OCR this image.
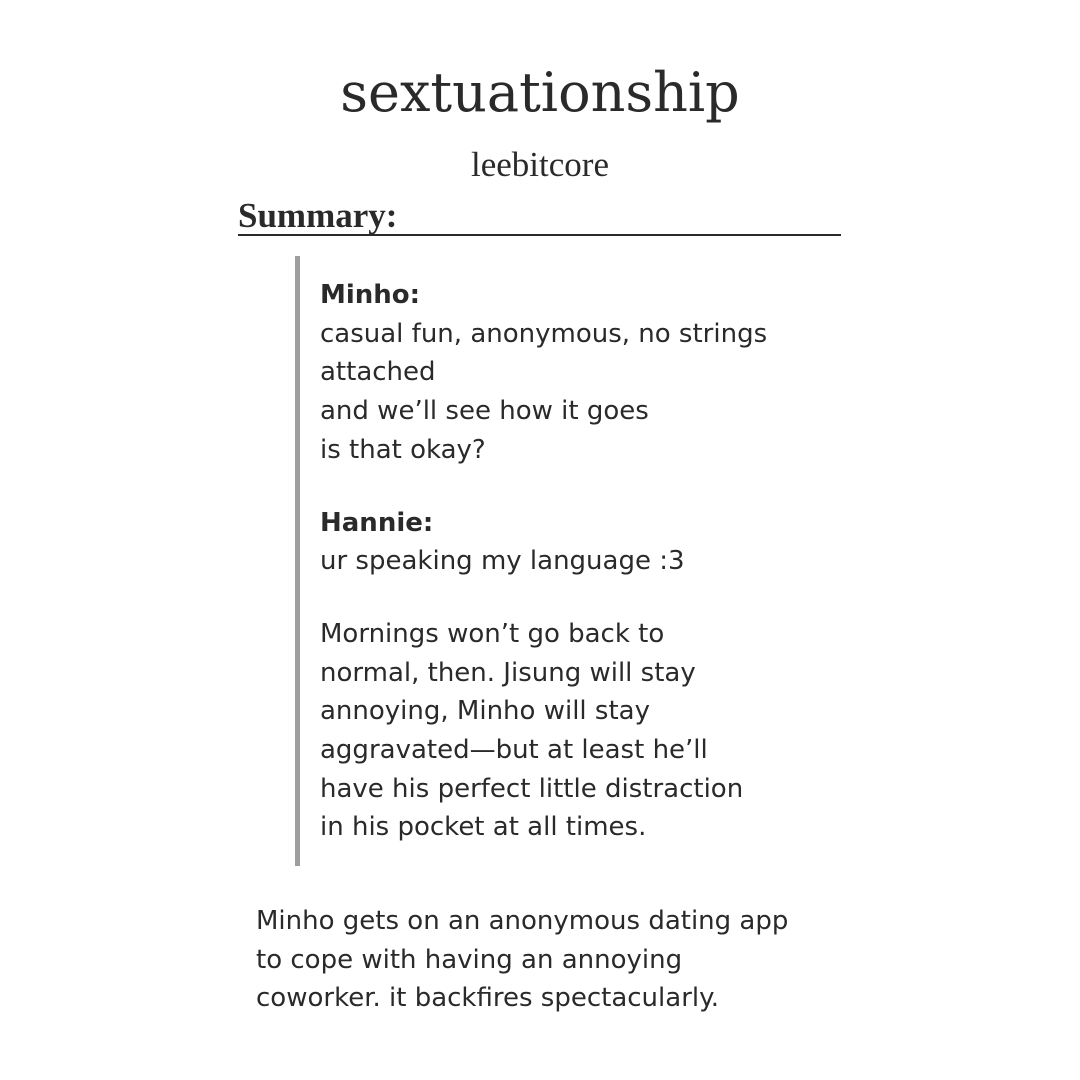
sextuationship
leebitcore
Summary:

Minho:
casual fun, anonymous, no strings
attached
and we’ll see how it goes
is that okay?

Hannie:
ur speaking my language :3

Mornings won’t go back to
normal, then. Jisung will stay
annoying, Minho will stay
aggravated—but at least he’ll
have his perfect little distraction
in his pocket at all times.

Minho gets on an anonymous dating app
to cope with having an annoying
coworker. it backfires spectacularly.
